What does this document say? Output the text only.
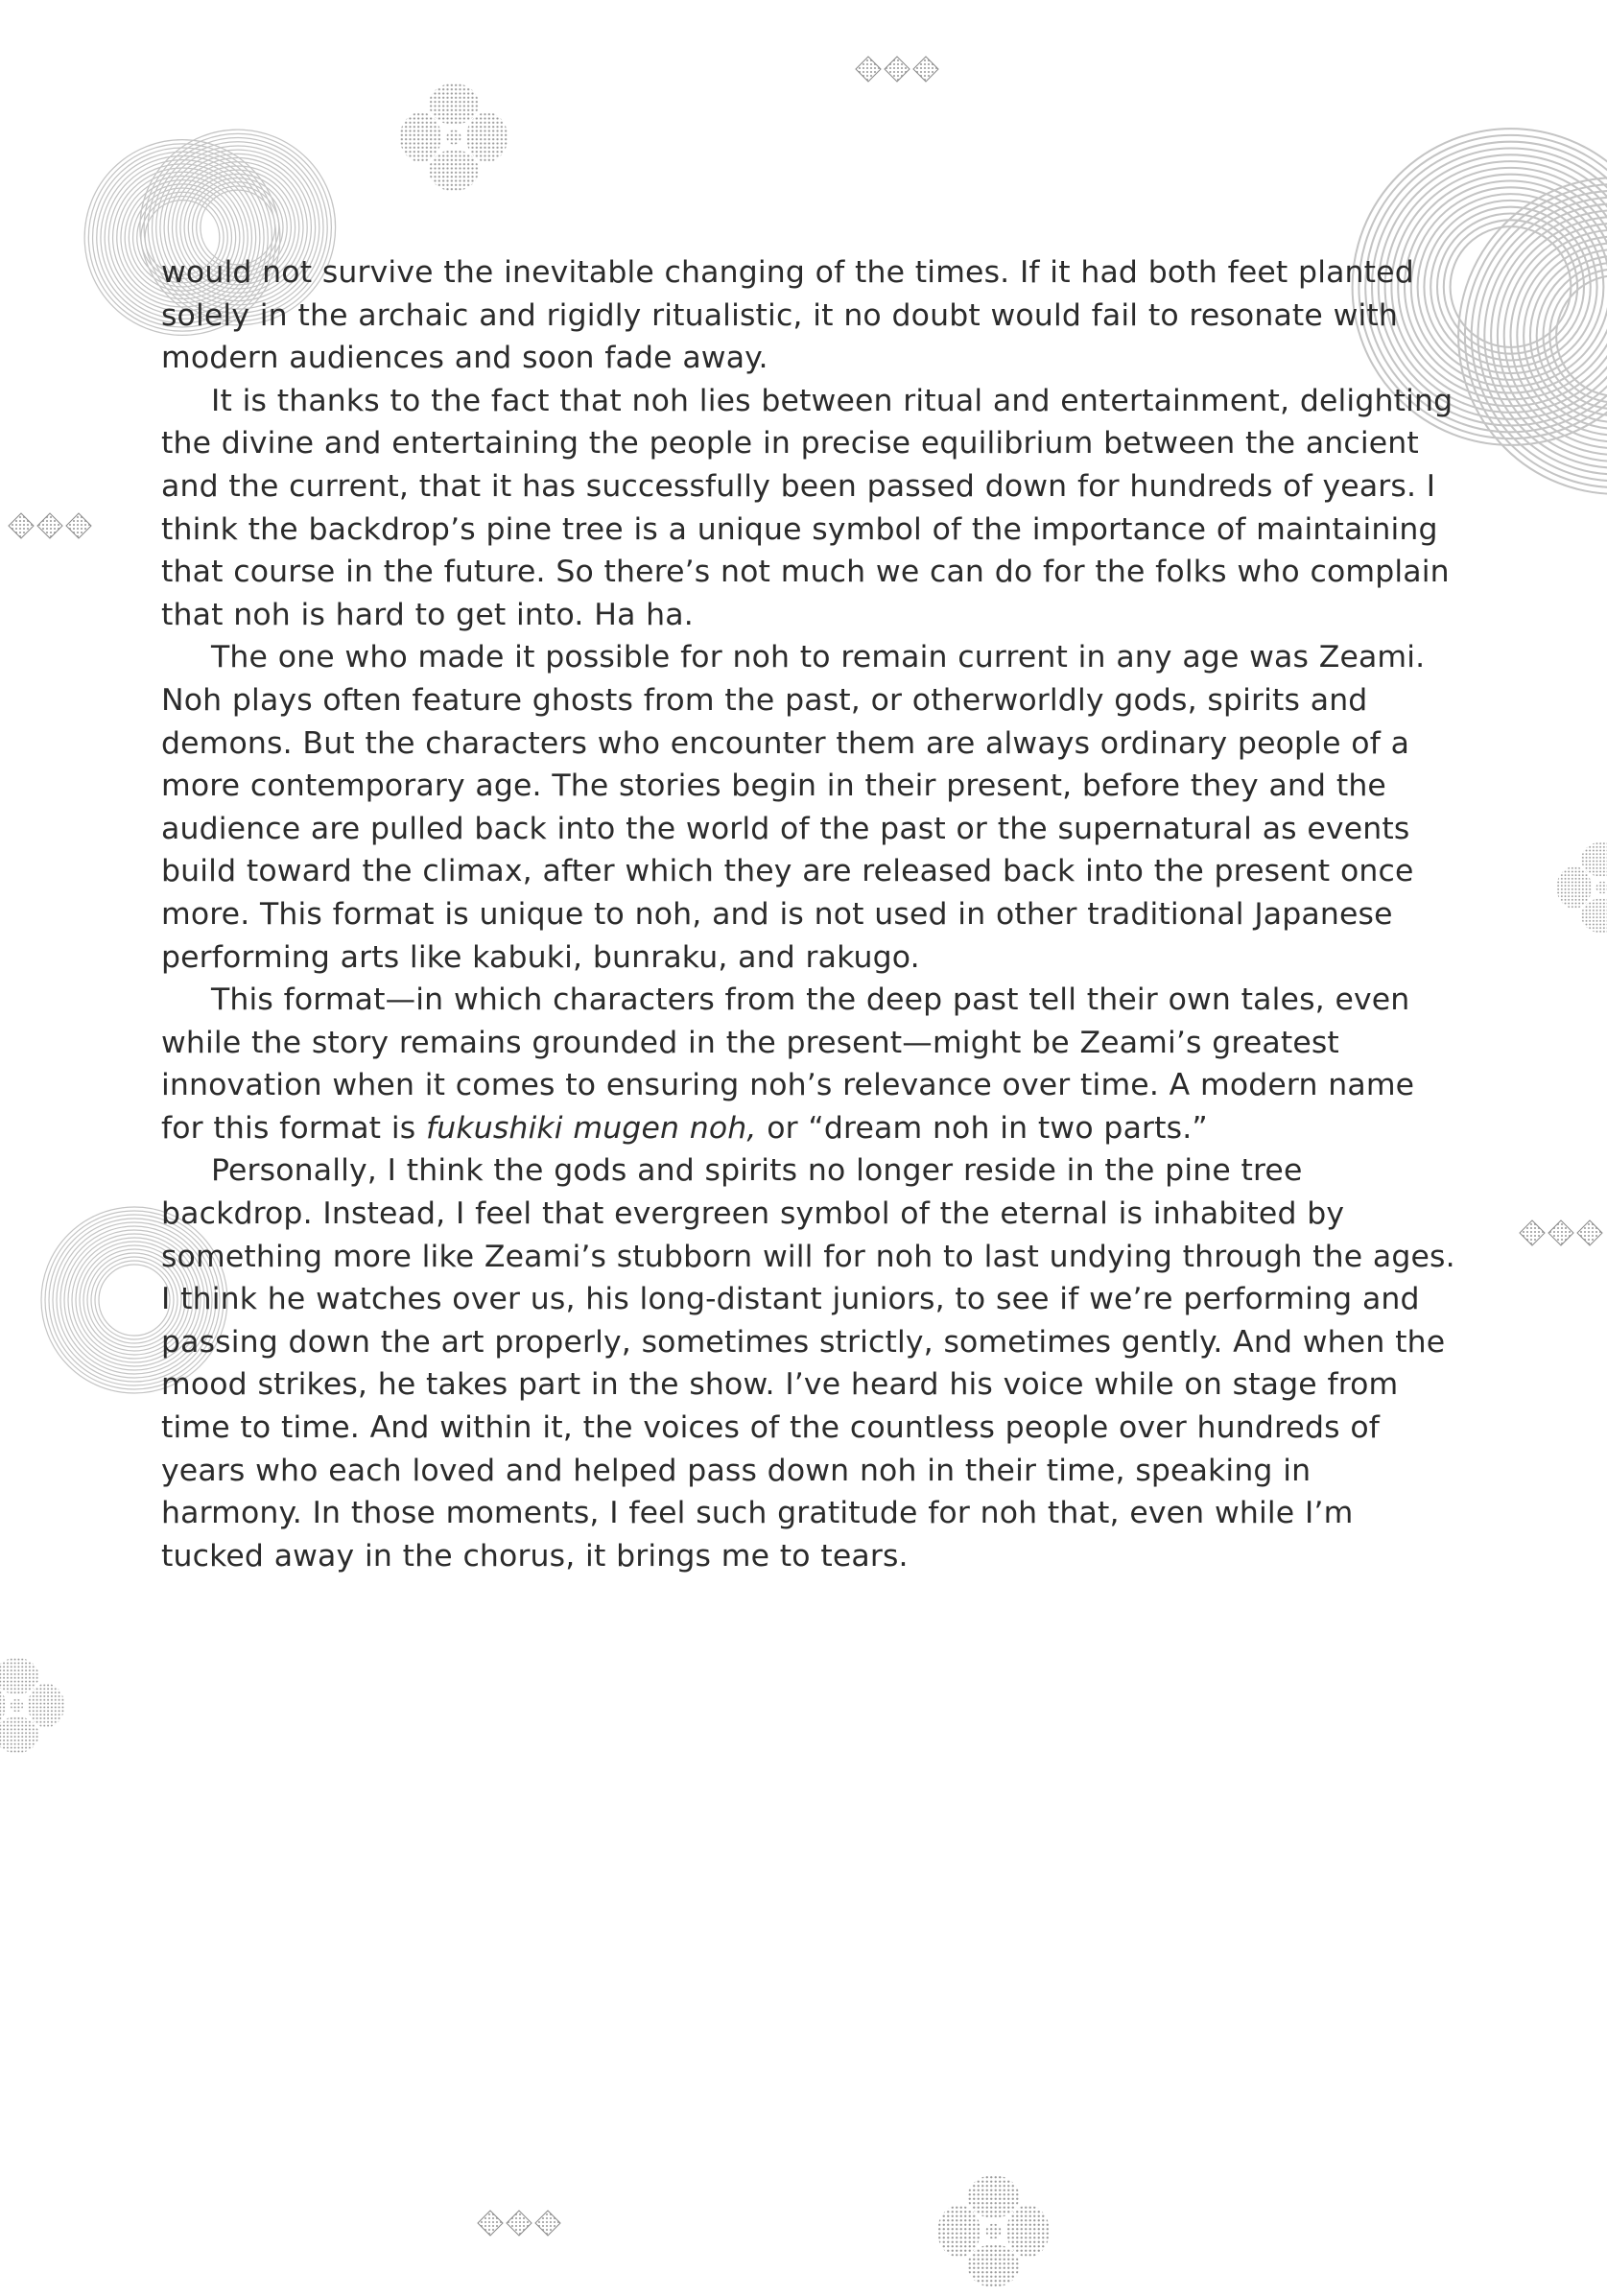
would not survive the inevitable changing of the times. If it had both feet planted solely in the archaic and rigidly ritualistic, it no doubt would fail to resonate with modern audiences and soon fade away.

It is thanks to the fact that noh lies between ritual and entertainment, delighting the divine and entertaining the people in precise equilibrium between the ancient and the current, that it has successfully been passed down for hundreds of years. I think the backdrop’s pine tree is a unique symbol of the importance of maintaining that course in the future. So there’s not much we can do for the folks who complain that noh is hard to get into. Ha ha.

The one who made it possible for noh to remain current in any age was Zeami. Noh plays often feature ghosts from the past, or otherworldly gods, spirits and demons. But the characters who encounter them are always ordinary people of a more contemporary age. The stories begin in their present, before they and the audience are pulled back into the world of the past or the supernatural as events build toward the climax, after which they are released back into the present once more. This format is unique to noh, and is not used in other traditional Japanese performing arts like kabuki, bunraku, and rakugo.

This format—in which characters from the deep past tell their own tales, even while the story remains grounded in the present—might be Zeami’s greatest innovation when it comes to ensuring noh’s relevance over time. A modern name for this format is fukushiki mugen noh, or “dream noh in two parts.”

Personally, I think the gods and spirits no longer reside in the pine tree backdrop. Instead, I feel that evergreen symbol of the eternal is inhabited by something more like Zeami’s stubborn will for noh to last undying through the ages. I think he watches over us, his long-distant juniors, to see if we’re performing and passing down the art properly, sometimes strictly, sometimes gently. And when the mood strikes, he takes part in the show. I’ve heard his voice while on stage from time to time. And within it, the voices of the countless people over hundreds of years who each loved and helped pass down noh in their time, speaking in harmony. In those moments, I feel such gratitude for noh that, even while I’m tucked away in the chorus, it brings me to tears.
